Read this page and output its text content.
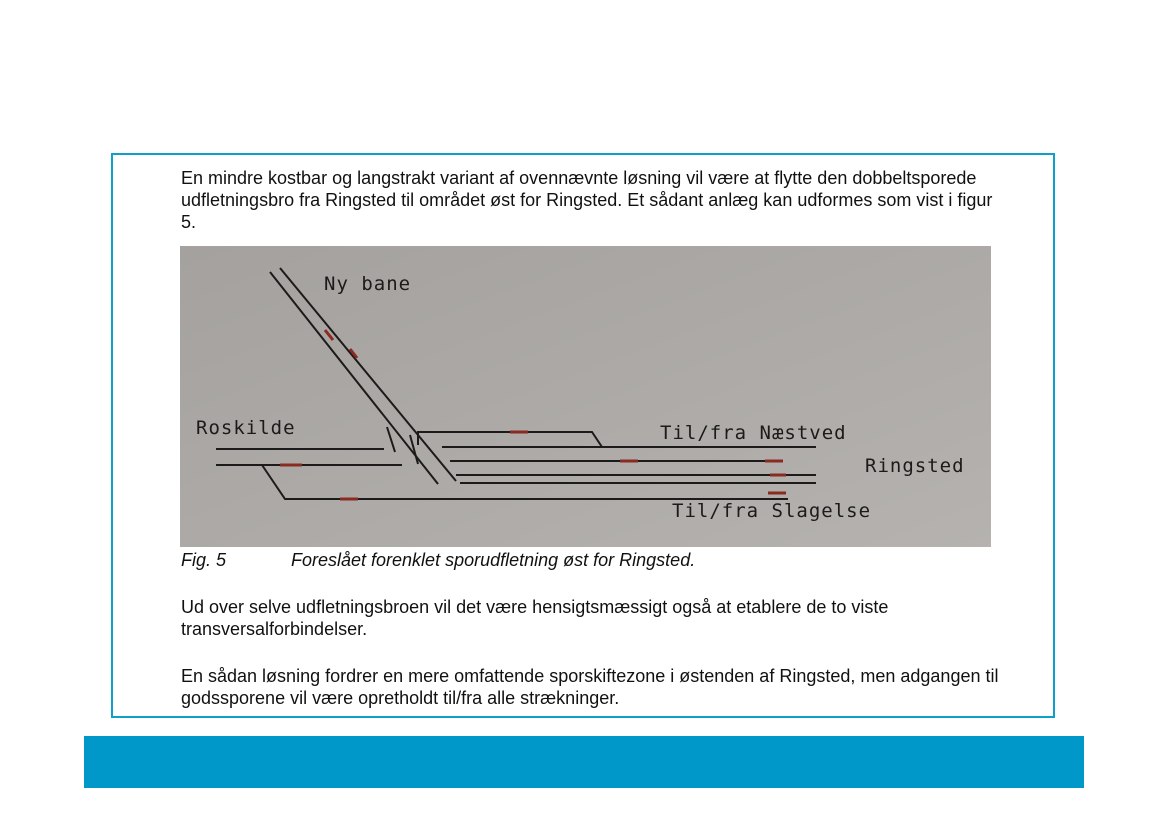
En mindre kostbar og langstrakt variant af ovennævnte løsning vil være at flytte den dobbeltsporede udfletningsbro fra Ringsted til området øst for Ringsted. Et sådant anlæg kan udformes som vist i figur 5.

Ny bane
Roskilde	Til/fra Næstved
Ringsted
Til/fra Slagelse
Fig. 5	Foreslået forenklet sporudfletning øst for Ringsted.

Ud over selve udfletningsbroen vil det være hensigtsmæssigt også at etablere de to viste transversalforbindelser.

En sådan løsning fordrer en mere omfattende sporskiftezone i østenden af Ringsted, men adgangen til godssporene vil være opretholdt til/fra alle strækninger.
